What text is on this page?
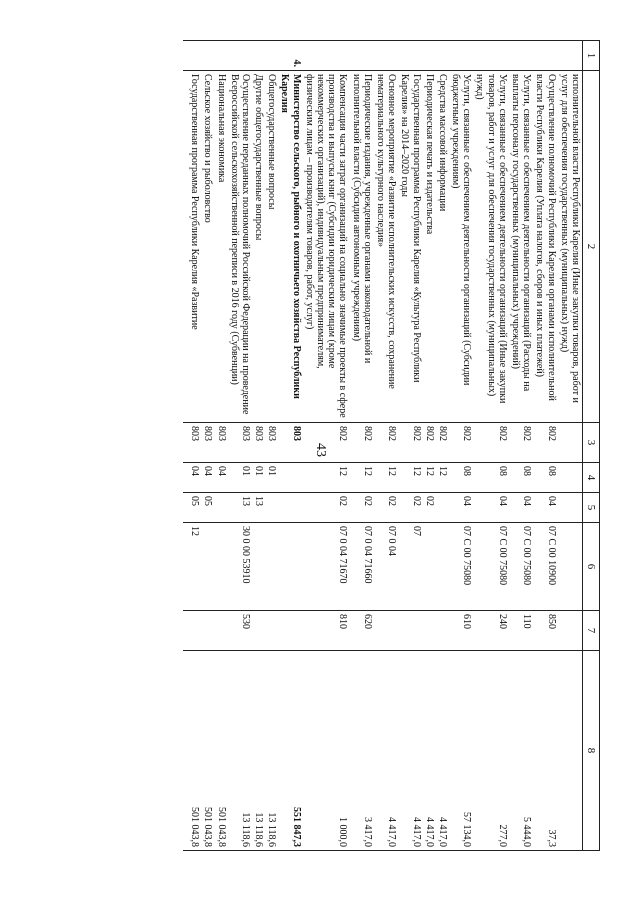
43
1	2	3	4	5	6	7	8
	исполнительной власти Республики Карелия (Иные закупки товаров, работ и услуг для обеспечения государственных (муниципальных) нужд)						
	Осуществление полномочий Республики Карелия органами исполнительной власти Республики Карелия (Уплата налогов, сборов и иных платежей)	802	08	04	07 С 00 10900	850	37,3
	Услуги, связанные с обеспечением деятельности организаций (Расходы на выплаты персоналу государственных (муниципальных) учреждений)	802	08	04	07 С 00 75080	110	5 444,0
	Услуги, связанные с обеспечением деятельности организаций (Иные закупки товаров, работ и услуг для обеспечения государственных (муниципальных) нужд)	802	08	04	07 С 00 75080	240	277,0
	Услуги, связанные с обеспечением деятельности организаций (Субсидии бюджетным учреждениям)	802	08	04	07 С 00 75080	610	57 134,0
	Средства массовой информации	802	12				4 417,0
	Периодическая печать и издательства	802	12	02			4 417,0
	Государственная программа Республики Карелия «Культура Республики Карелия» на 2014–2020 годы	802	12	02	07		4 417,0
	Основное мероприятие «Развитие исполнительских искусств, сохранение нематериального культурного наследия»	802	12	02	07 0 04		4 417,0
	Периодические издания, учрежденные органами законодательной и исполнительной власти (Субсидии автономным учреждениям)	802	12	02	07 0 04 71660	620	3 417,0
	Компенсация части затрат организаций на социально значимые проекты в сфере производства и выпуска книг (Субсидии юридическим лицам (кроме некоммерческих организаций), индивидуальным предпринимателям, физическим лицам – производителям товаров, работ, услуг)	802	12	02	07 0 04 71670	810	1 000,0
4.	Министерство сельского, рыбного и охотничьего хозяйства Республики Карелия	803					551 847,3
	Общегосударственные вопросы	803	01				13 118,6
	Другие общегосударственные вопросы	803	01	13			13 118,6
	Осуществление переданных полномочий Российской Федерации на проведение Всероссийской сельскохозяйственной переписи в 2016 году (Субвенции)	803	01	13	30 0 00 53910	530	13 118,6
	Национальная экономика	803	04				501 043,8
	Сельское хозяйство и рыболовство	803	04	05			501 043,8
	Государственная программа Республики Карелия «Развитие	803	04	05	12		501 043,8
